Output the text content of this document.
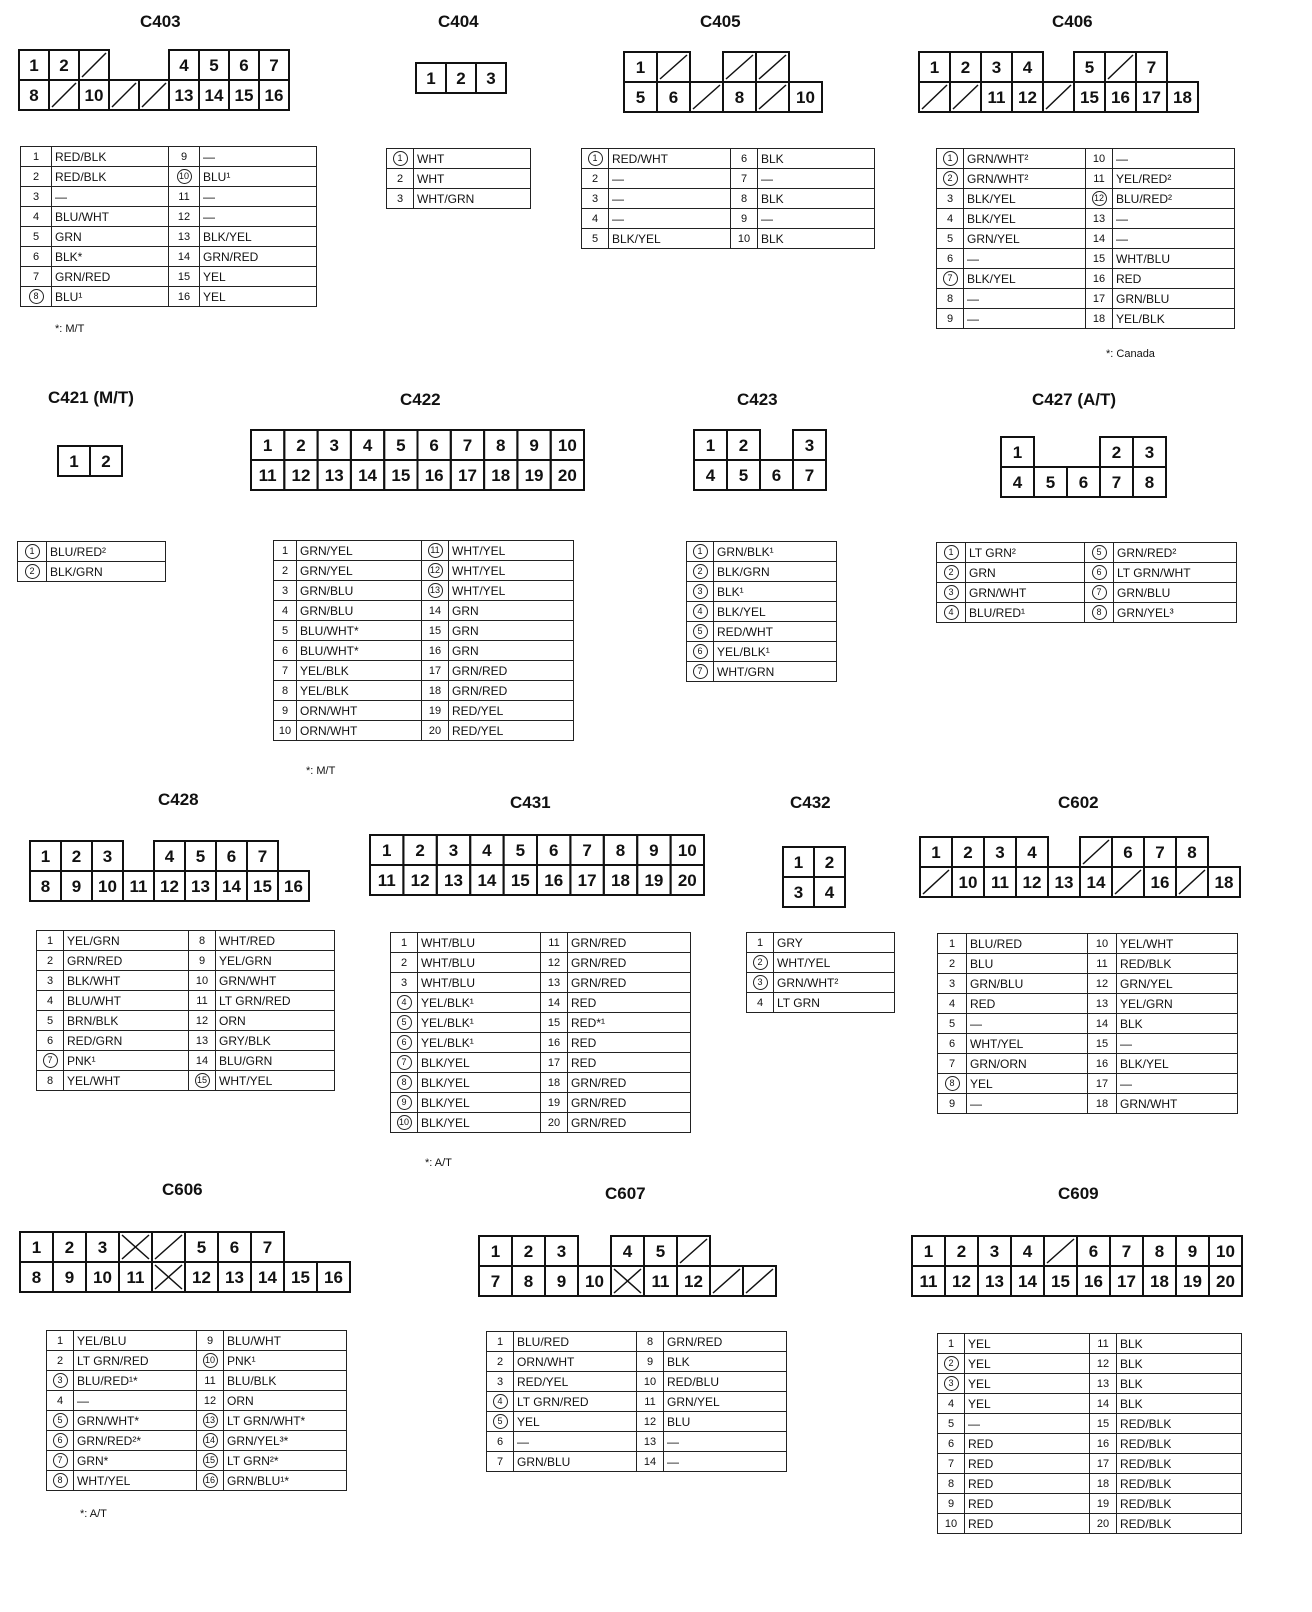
C403
1 2	4 5 6 7
8	10	13 14 15 16
1	RED/BLK	9	—
2	RED/BLK	10	BLU¹
3	—	11	—
4	BLU/WHT	12	—
5	GRN	13	BLK/YEL
6	BLK*	14	GRN/RED
7	GRN/RED	15	YEL
8	BLU¹	16	YEL
*: M/T
C404
1 2 3
1	WHT
2	WHT
3	WHT/GRN
C405
1
5 6	8	10
1	RED/WHT	6	BLK
2	—	7	—
3	—	8	BLK
4	—	9	—
5	BLK/YEL	10	BLK
C406
1 2 3 4	5	7
11 12	15 16 17 18
1	GRN/WHT²	10	—
2	GRN/WHT²	11	YEL/RED²
3	BLK/YEL	12	BLU/RED²
4	BLK/YEL	13	—
5	GRN/YEL	14	—
6	—	15	WHT/BLU
7	BLK/YEL	16	RED
8	—	17	GRN/BLU
9	—	18	YEL/BLK
*: Canada
C421 (M/T)
1 2
1	BLU/RED²
2	BLK/GRN
C422
1 2 3 4 5 6 7 8 9 10
11 12 13 14 15 16 17 18 19 20
1	GRN/YEL	11	WHT/YEL
2	GRN/YEL	12	WHT/YEL
3	GRN/BLU	13	WHT/YEL
4	GRN/BLU	14	GRN
5	BLU/WHT*	15	GRN
6	BLU/WHT*	16	GRN
7	YEL/BLK	17	GRN/RED
8	YEL/BLK	18	GRN/RED
9	ORN/WHT	19	RED/YEL
10	ORN/WHT	20	RED/YEL
*: M/T
C423
1 2	3
4 5 6 7
1	GRN/BLK¹
2	BLK/GRN
3	BLK¹
4	BLK/YEL
5	RED/WHT
6	YEL/BLK¹
7	WHT/GRN
C427 (A/T)
1	2 3
4 5 6 7 8
1	LT GRN²	5	GRN/RED²
2	GRN	6	LT GRN/WHT
3	GRN/WHT	7	GRN/BLU
4	BLU/RED¹	8	GRN/YEL³
C428
1 2 3	4 5 6 7
8 9 10 11 12 13 14 15 16
1	YEL/GRN	8	WHT/RED
2	GRN/RED	9	YEL/GRN
3	BLK/WHT	10	GRN/WHT
4	BLU/WHT	11	LT GRN/RED
5	BRN/BLK	12	ORN
6	RED/GRN	13	GRY/BLK
7	PNK¹	14	BLU/GRN
8	YEL/WHT	15	WHT/YEL
C431
1 2 3 4 5 6 7 8 9 10
11 12 13 14 15 16 17 18 19 20
1	WHT/BLU	11	GRN/RED
2	WHT/BLU	12	GRN/RED
3	WHT/BLU	13	GRN/RED
4	YEL/BLK¹	14	RED
5	YEL/BLK¹	15	RED*¹
6	YEL/BLK¹	16	RED
7	BLK/YEL	17	RED
8	BLK/YEL	18	GRN/RED
9	BLK/YEL	19	GRN/RED
10	BLK/YEL	20	GRN/RED
*: A/T
C432
1 2
3 4
1	GRY
2	WHT/YEL
3	GRN/WHT²
4	LT GRN
C602
1 2 3 4	6 7 8
10 11 12 13 14	16	18
1	BLU/RED	10	YEL/WHT
2	BLU	11	RED/BLK
3	GRN/BLU	12	GRN/YEL
4	RED	13	YEL/GRN
5	—	14	BLK
6	WHT/YEL	15	—
7	GRN/ORN	16	BLK/YEL
8	YEL	17	—
9	—	18	GRN/WHT
C606
1 2 3	5 6 7
8 9 10 11	12 13 14 15 16
1	YEL/BLU	9	BLU/WHT
2	LT GRN/RED	10	PNK¹
3	BLU/RED¹*	11	BLU/BLK
4	—	12	ORN
5	GRN/WHT*	13	LT GRN/WHT*
6	GRN/RED²*	14	GRN/YEL³*
7	GRN*	15	LT GRN²*
8	WHT/YEL	16	GRN/BLU¹*
*: A/T
C607
1 2 3	4 5
7 8 9 10	11 12
1	BLU/RED	8	GRN/RED
2	ORN/WHT	9	BLK
3	RED/YEL	10	RED/BLU
4	LT GRN/RED	11	GRN/YEL
5	YEL	12	BLU
6	—	13	—
7	GRN/BLU	14	—
C609
1 2 3 4	6 7 8 9 10
11 12 13 14 15 16 17 18 19 20
1	YEL	11	BLK
2	YEL	12	BLK
3	YEL	13	BLK
4	YEL	14	BLK
5	—	15	RED/BLK
6	RED	16	RED/BLK
7	RED	17	RED/BLK
8	RED	18	RED/BLK
9	RED	19	RED/BLK
10	RED	20	RED/BLK
